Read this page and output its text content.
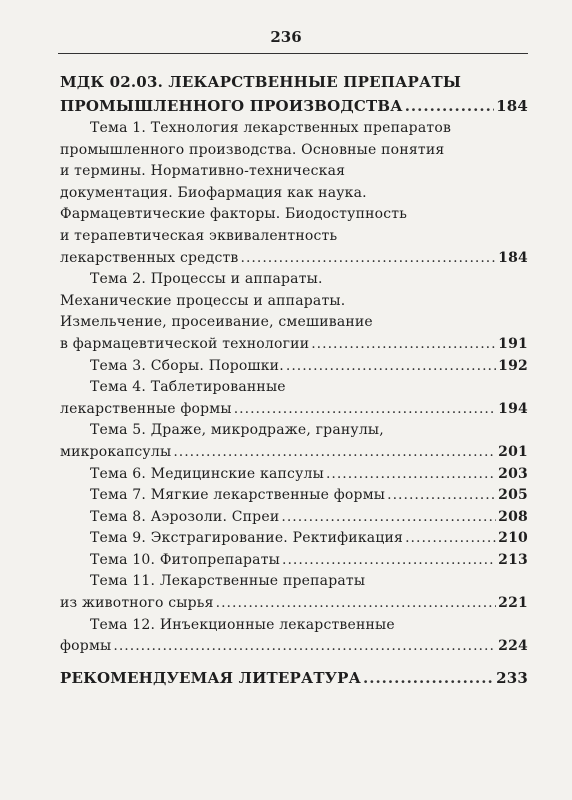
236
МДК 02.03. ЛЕКАРСТВЕННЫЕ ПРЕПАРАТЫ
ПРОМЫШЛЕННОГО ПРОИЗВОДСТВА .....	184
Тема 1. Технология лекарственных препаратов
промышленного производства. Основные понятия
и термины. Нормативно-техническая
документация. Биофармация как наука.
Фармацевтические факторы. Биодоступность
и терапевтическая эквивалентность
лекарственных средств .....	184
Тема 2. Процессы и аппараты.
Механические процессы и аппараты.
Измельчение, просеивание, смешивание
в фармацевтической технологии .....	191
Тема 3. Сборы. Порошки. .....	192
Тема 4. Таблетированные
лекарственные формы .....	194
Тема 5. Драже, микродраже, гранулы,
микрокапсулы .....	201
Тема 6. Медицинские капсулы .....	203
Тема 7. Мягкие лекарственные формы .....	205
Тема 8. Аэрозоли. Спреи .....	208
Тема 9. Экстрагирование. Ректификация .....	210
Тема 10. Фитопрепараты .....	213
Тема 11. Лекарственные препараты
из животного сырья .....	221
Тема 12. Инъекционные лекарственные
формы .....	224
РЕКОМЕНДУЕМАЯ ЛИТЕРАТУРА .....	233
